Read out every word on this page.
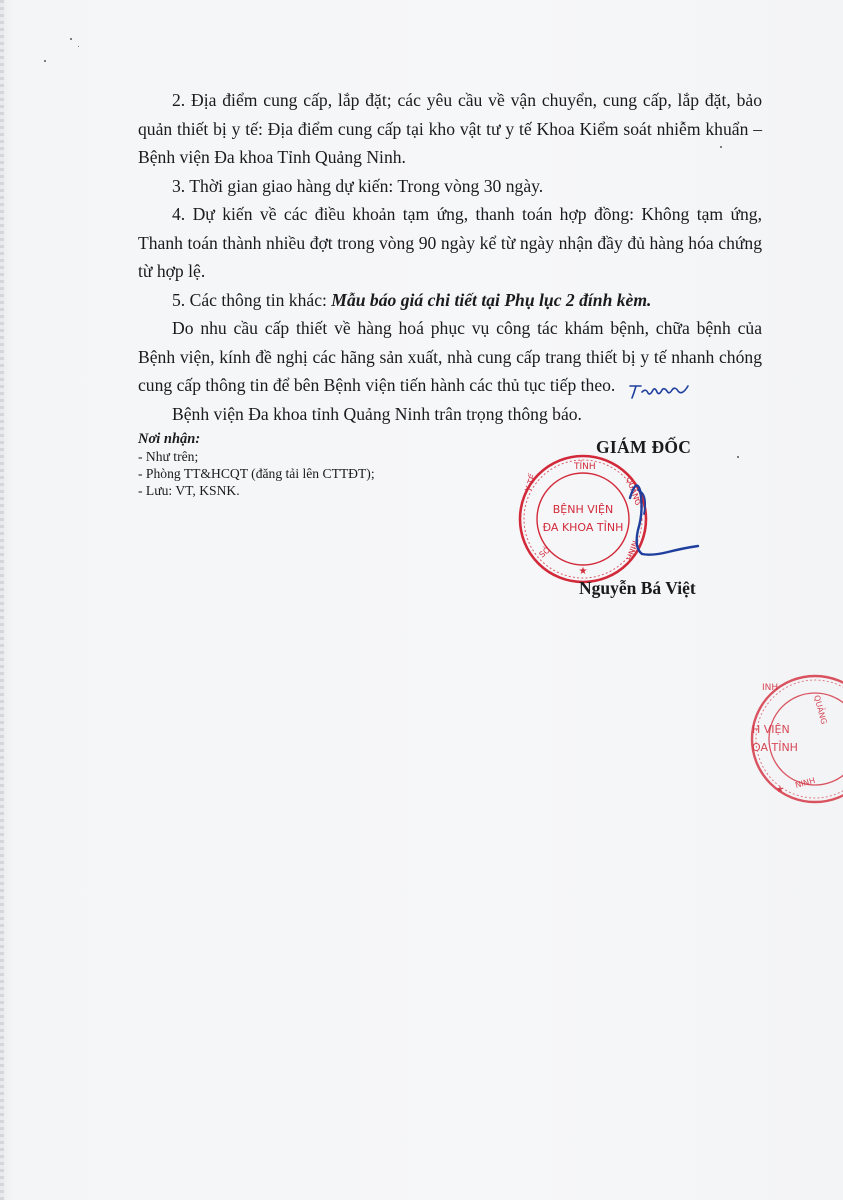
2. Địa điểm cung cấp, lắp đặt; các yêu cầu về vận chuyển, cung cấp, lắp đặt, bảo quản thiết bị y tế: Địa điểm cung cấp tại kho vật tư y tế Khoa Kiểm soát nhiễm khuẩn – Bệnh viện Đa khoa Tỉnh Quảng Ninh.

3. Thời gian giao hàng dự kiến: Trong vòng 30 ngày.

4. Dự kiến về các điều khoản tạm ứng, thanh toán hợp đồng: Không tạm ứng, Thanh toán thành nhiều đợt trong vòng 90 ngày kể từ ngày nhận đầy đủ hàng hóa chứng từ hợp lệ.

5. Các thông tin khác: Mẫu báo giá chi tiết tại Phụ lục 2 đính kèm.

Do nhu cầu cấp thiết về hàng hoá phục vụ công tác khám bệnh, chữa bệnh của Bệnh viện, kính đề nghị các hãng sản xuất, nhà cung cấp trang thiết bị y tế nhanh chóng cung cấp thông tin để bên Bệnh viện tiến hành các thủ tục tiếp theo.

Bệnh viện Đa khoa tỉnh Quảng Ninh trân trọng thông báo.

Nơi nhận:
- Như trên;
- Phòng TT&HCQT (đăng tải lên CTTĐT);
- Lưu: VT, KSNK.
TỈNH
QUẢNG
NINH
Y TẾ
SỞ
BỆNH VIỆN
ĐA KHOA TỈNH
★
GIÁM ĐỐC
Nguyễn Bá Việt
INH
QUẢNG
H VIỆN
OA TỈNH
NINH
★
